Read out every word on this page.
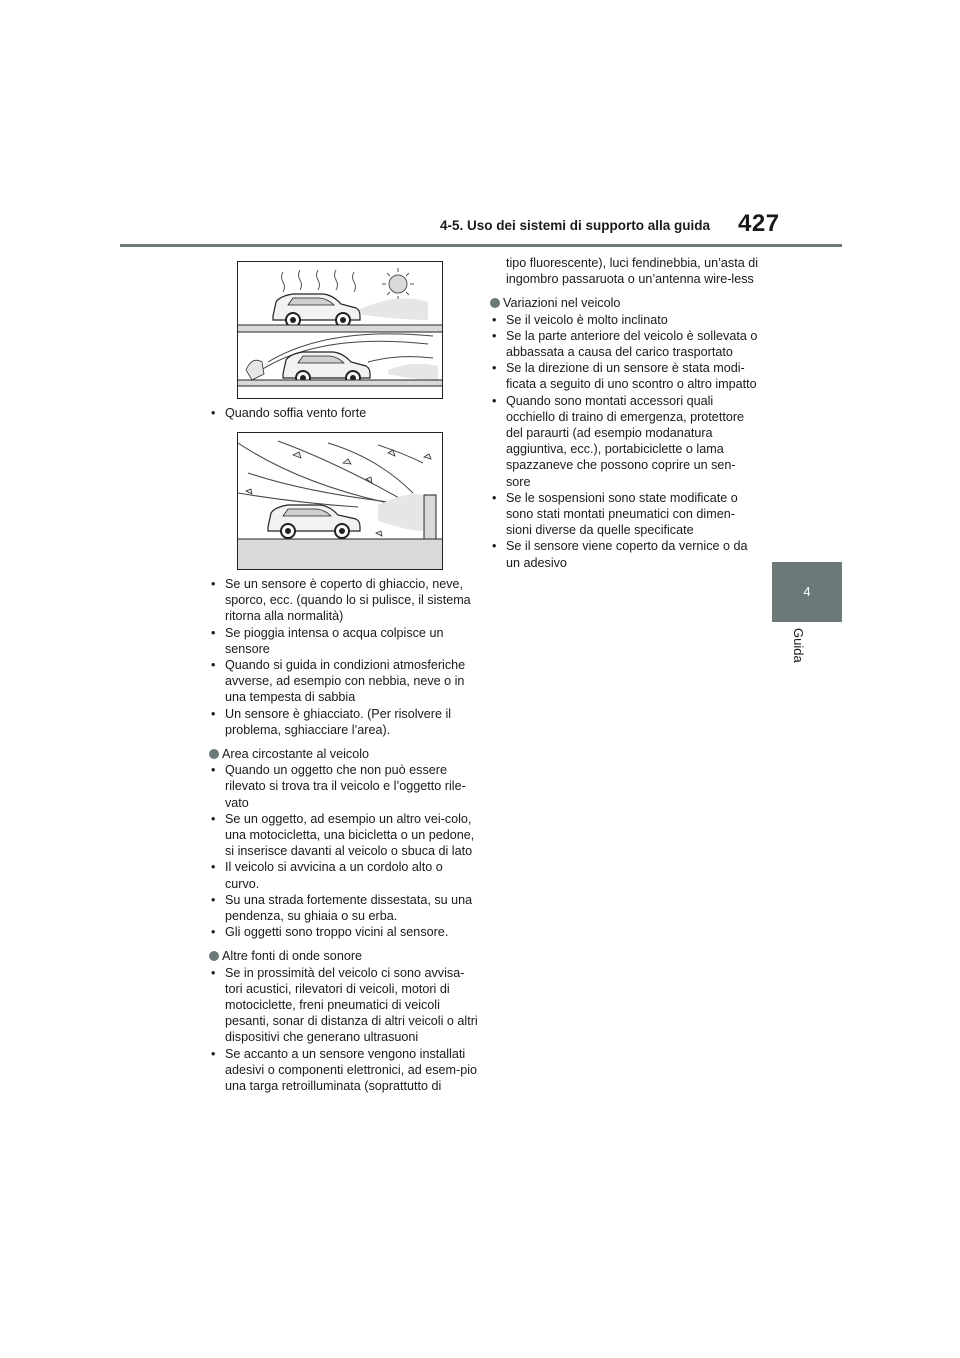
4-5. Uso dei sistemi di supporto alla guida 427
4
Guida

• Quando soffia vento forte

• Se un sensore è coperto di ghiaccio, neve, sporco, ecc. (quando lo si pulisce, il sistema ritorna alla normalità)

• Se pioggia intensa o acqua colpisce un sensore

• Quando si guida in condizioni atmosferiche avverse, ad esempio con nebbia, neve o in una tempesta di sabbia

• Un sensore è ghiacciato. (Per risolvere il problema, sghiacciare l’area).

Area circostante al veicolo

• Quando un oggetto che non può essere rilevato si trova tra il veicolo e l’oggetto rile-vato

• Se un oggetto, ad esempio un altro vei-colo, una motocicletta, una bicicletta o un pedone, si inserisce davanti al veicolo o sbuca di lato

• Il veicolo si avvicina a un cordolo alto o curvo.

• Su una strada fortemente dissestata, su una pendenza, su ghiaia o su erba.

• Gli oggetti sono troppo vicini al sensore.

Altre fonti di onde sonore

• Se in prossimità del veicolo ci sono avvisa-tori acustici, rilevatori di veicoli, motori di motociclette, freni pneumatici di veicoli pesanti, sonar di distanza di altri veicoli o altri dispositivi che generano ultrasuoni

• Se accanto a un sensore vengono installati adesivi o componenti elettronici, ad esem-pio una targa retroilluminata (soprattutto di

tipo fluorescente), luci fendinebbia, un’asta di ingombro passaruota o un’antenna wire-less

Variazioni nel veicolo

• Se il veicolo è molto inclinato

• Se la parte anteriore del veicolo è sollevata o abbassata a causa del carico trasportato

• Se la direzione di un sensore è stata modi-ficata a seguito di uno scontro o altro impatto

• Quando sono montati accessori quali occhiello di traino di emergenza, protettore del paraurti (ad esempio modanatura aggiuntiva, ecc.), portabiciclette o lama spazzaneve che possono coprire un sen-sore

• Se le sospensioni sono state modificate o sono stati montati pneumatici con dimen-sioni diverse da quelle specificate

• Se il sensore viene coperto da vernice o da un adesivo
